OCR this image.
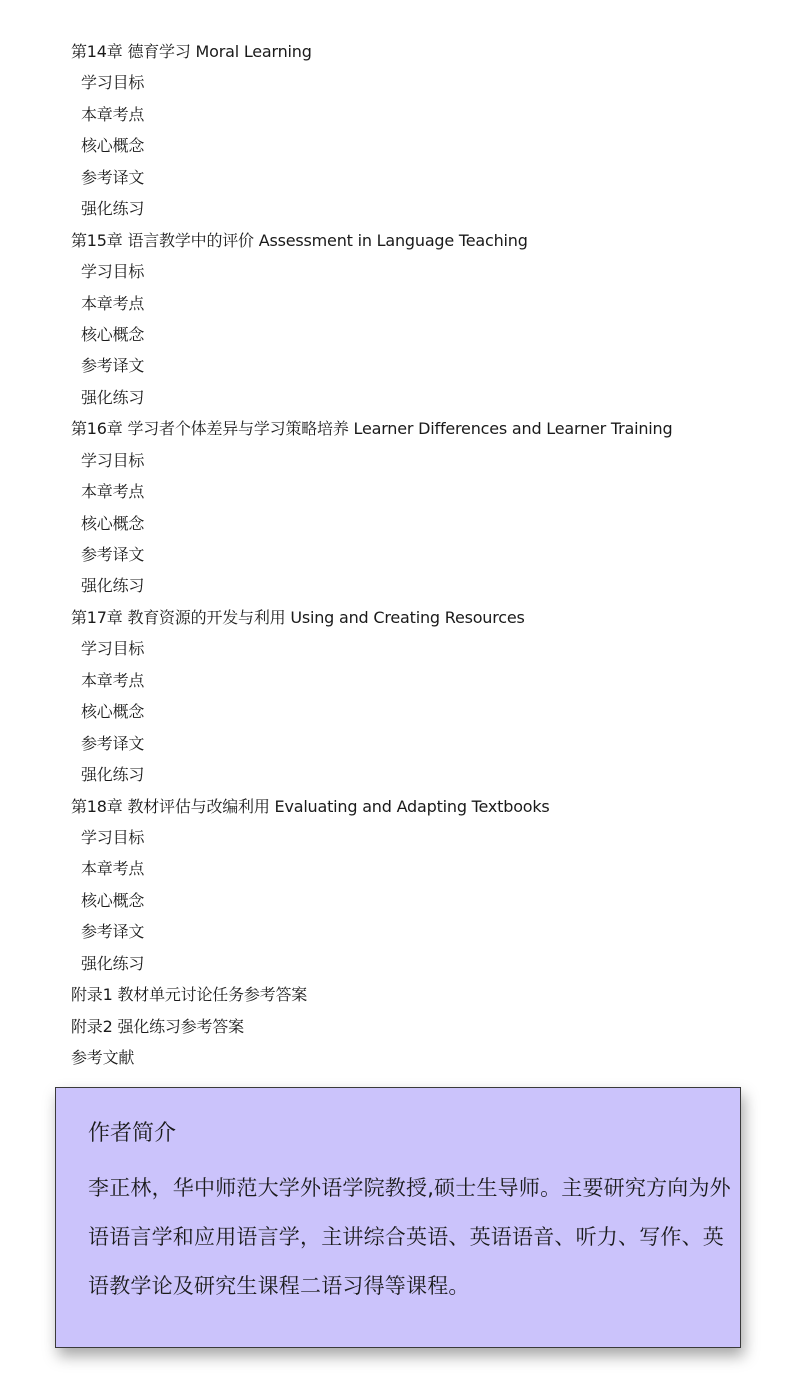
第14章 德育学习 Moral Learning
学习目标
本章考点
核心概念
参考译文
强化练习
第15章 语言教学中的评价 Assessment in Language Teaching
学习目标
本章考点
核心概念
参考译文
强化练习
第16章 学习者个体差异与学习策略培养 Learner Differences and Learner Training
学习目标
本章考点
核心概念
参考译文
强化练习
第17章 教育资源的开发与利用 Using and Creating Resources
学习目标
本章考点
核心概念
参考译文
强化练习
第18章 教材评估与改编利用 Evaluating and Adapting Textbooks
学习目标
本章考点
核心概念
参考译文
强化练习
附录1 教材单元讨论任务参考答案
附录2 强化练习参考答案
参考文献
作者简介
李正林，华中师范大学外语学院教授,硕士生导师。主要研究方向为外语语言学和应用语言学，主讲综合英语、英语语音、听力、写作、英语教学论及研究生课程二语习得等课程。
